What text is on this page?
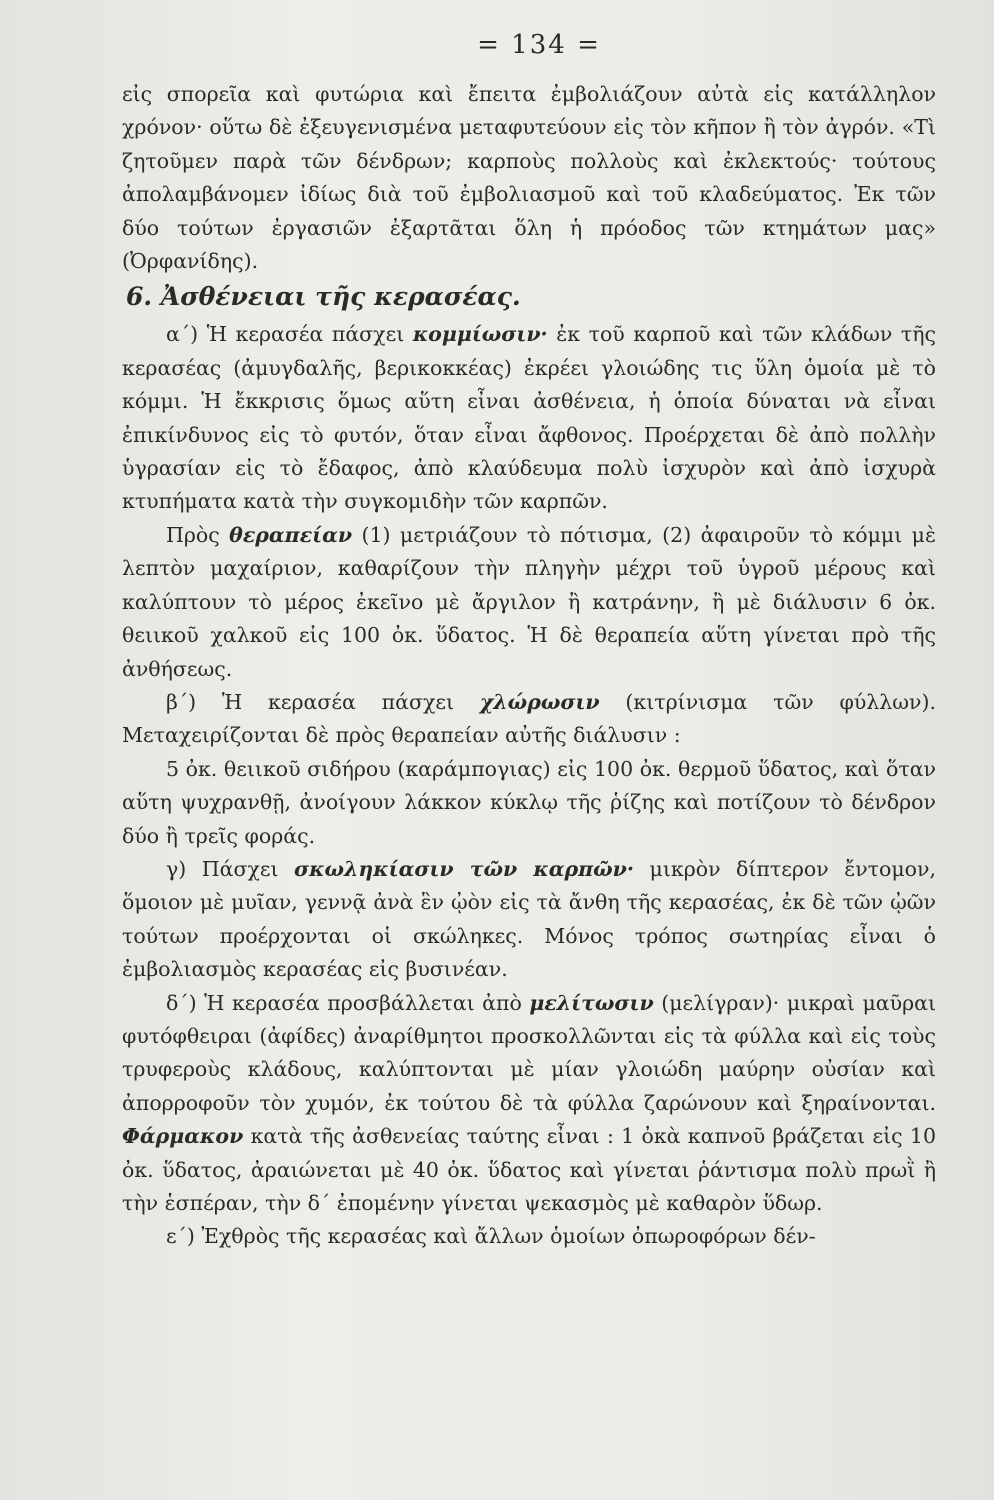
= 134 =

εἰς σπορεῖα καὶ φυτώρια καὶ ἔπειτα ἐμβολιάζουν αὐτὰ εἰς κατάλληλον χρόνον· οὕτω δὲ ἐξευγενισμένα μεταφυτεύουν εἰς τὸν κῆπον ἢ τὸν ἀγρόν. «Τὶ ζητοῦμεν παρὰ τῶν δένδρων; καρποὺς πολλοὺς καὶ ἐκλεκτούς· τούτους ἀπολαμβάνομεν ἰδίως διὰ τοῦ ἐμβολιασμοῦ καὶ τοῦ κλαδεύματος. Ἐκ τῶν δύο τούτων ἐργασιῶν ἐξαρτᾶται ὅλη ἡ πρόοδος τῶν κτημάτων μας» (Ὀρφανίδης).

6. Ἀσθένειαι τῆς κερασέας.

α΄) Ἡ κερασέα πάσχει κομμίωσιν· ἐκ τοῦ καρποῦ καὶ τῶν κλάδων τῆς κερασέας (ἀμυγδαλῆς, βερικοκκέας) ἐκρέει γλοιώδης τις ὕλη ὁμοία μὲ τὸ κόμμι. Ἡ ἔκκρισις ὅμως αὕτη εἶναι ἀσθένεια, ἡ ὁποία δύναται νὰ εἶναι ἐπικίνδυνος εἰς τὸ φυτόν, ὅταν εἶναι ἄφθονος. Προέρχεται δὲ ἀπὸ πολλὴν ὑγρασίαν εἰς τὸ ἔδαφος, ἀπὸ κλαύδευμα πολὺ ἰσχυρὸν καὶ ἀπὸ ἰσχυρὰ κτυπήματα κατὰ τὴν συγκομιδὴν τῶν καρπῶν.

Πρὸς θεραπείαν (1) μετριάζουν τὸ πότισμα, (2) ἀφαιροῦν τὸ κόμμι μὲ λεπτὸν μαχαίριον, καθαρίζουν τὴν πληγὴν μέχρι τοῦ ὑγροῦ μέρους καὶ καλύπτουν τὸ μέρος ἐκεῖνο μὲ ἄργιλον ἢ κατράνην, ἢ μὲ διάλυσιν 6 ὀκ. θειικοῦ χαλκοῦ εἰς 100 ὀκ. ὕδατος. Ἡ δὲ θεραπεία αὕτη γίνεται πρὸ τῆς ἀνθήσεως.

β΄) Ἡ κερασέα πάσχει χλώρωσιν (κιτρίνισμα τῶν φύλλων). Μεταχειρίζονται δὲ πρὸς θεραπείαν αὐτῆς διάλυσιν :

5 ὀκ. θειικοῦ σιδήρου (καράμπογιας) εἰς 100 ὀκ. θερμοῦ ὕδατος, καὶ ὅταν αὕτη ψυχρανθῇ, ἀνοίγουν λάκκον κύκλῳ τῆς ῥίζης καὶ ποτίζουν τὸ δένδρον δύο ἢ τρεῖς φοράς.

γ) Πάσχει σκωληκίασιν τῶν καρπῶν· μικρὸν δίπτερον ἔντομον, ὅμοιον μὲ μυῖαν, γεννᾷ ἀνὰ ἓν ᾠὸν εἰς τὰ ἄνθη τῆς κερασέας, ἐκ δὲ τῶν ᾠῶν τούτων προέρχονται οἱ σκώληκες. Μόνος τρόπος σωτηρίας εἶναι ὁ ἐμβολιασμὸς κερασέας εἰς βυσινέαν.

δ΄) Ἡ κερασέα προσβάλλεται ἀπὸ μελίτωσιν (μελίγραν)· μικραὶ μαῦραι φυτόφθειραι (ἀφίδες) ἀναρίθμητοι προσκολλῶνται εἰς τὰ φύλλα καὶ εἰς τοὺς τρυφεροὺς κλάδους, καλύπτονται μὲ μίαν γλοιώδη μαύρην οὐσίαν καὶ ἀπορροφοῦν τὸν χυμόν, ἐκ τούτου δὲ τὰ φύλλα ζαρώνουν καὶ ξηραίνονται. Φάρμακον κατὰ τῆς ἀσθενείας ταύτης εἶναι : 1 ὀκὰ καπνοῦ βράζεται εἰς 10 ὀκ. ὕδατος, ἀραιώνεται μὲ 40 ὀκ. ὕδατος καὶ γίνεται ῥάντισμα πολὺ πρωῒ ἢ τὴν ἑσπέραν, τὴν δ΄ ἐπομένην γίνεται ψεκασμὸς μὲ καθαρὸν ὕδωρ.

ε΄) Ἐχθρὸς τῆς κερασέας καὶ ἄλλων ὁμοίων ὀπωροφόρων δέν-
